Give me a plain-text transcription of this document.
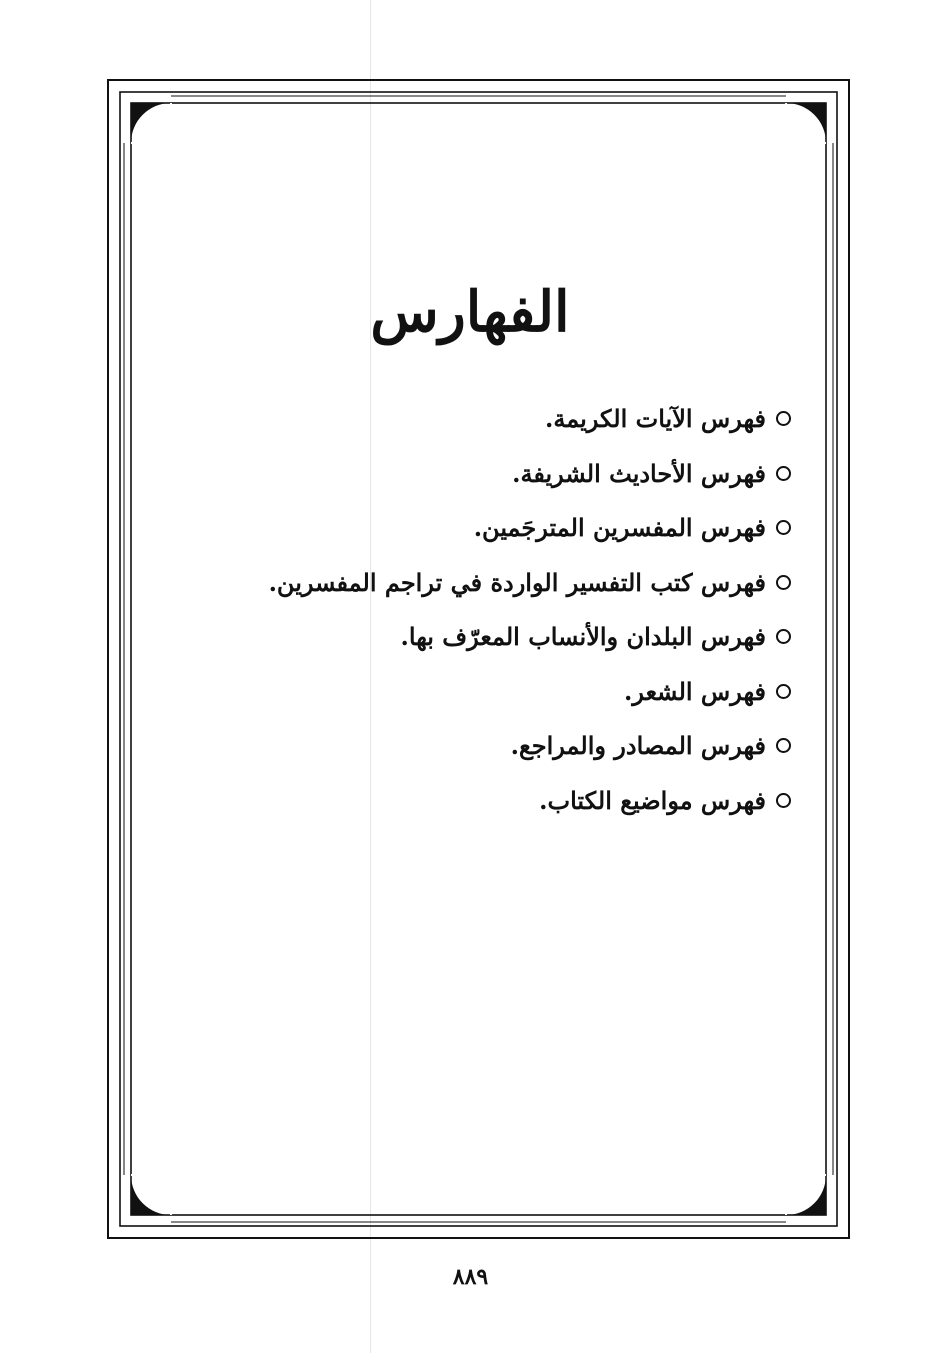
الفهارس
فهرس الآيات الكريمة.
فهرس الأحاديث الشريفة.
فهرس المفسرين المترجَمين.
فهرس كتب التفسير الواردة في تراجم المفسرين.
فهرس البلدان والأنساب المعرّف بها.
فهرس الشعر.
فهرس المصادر والمراجع.
فهرس مواضيع الكتاب.
٨٨٩
